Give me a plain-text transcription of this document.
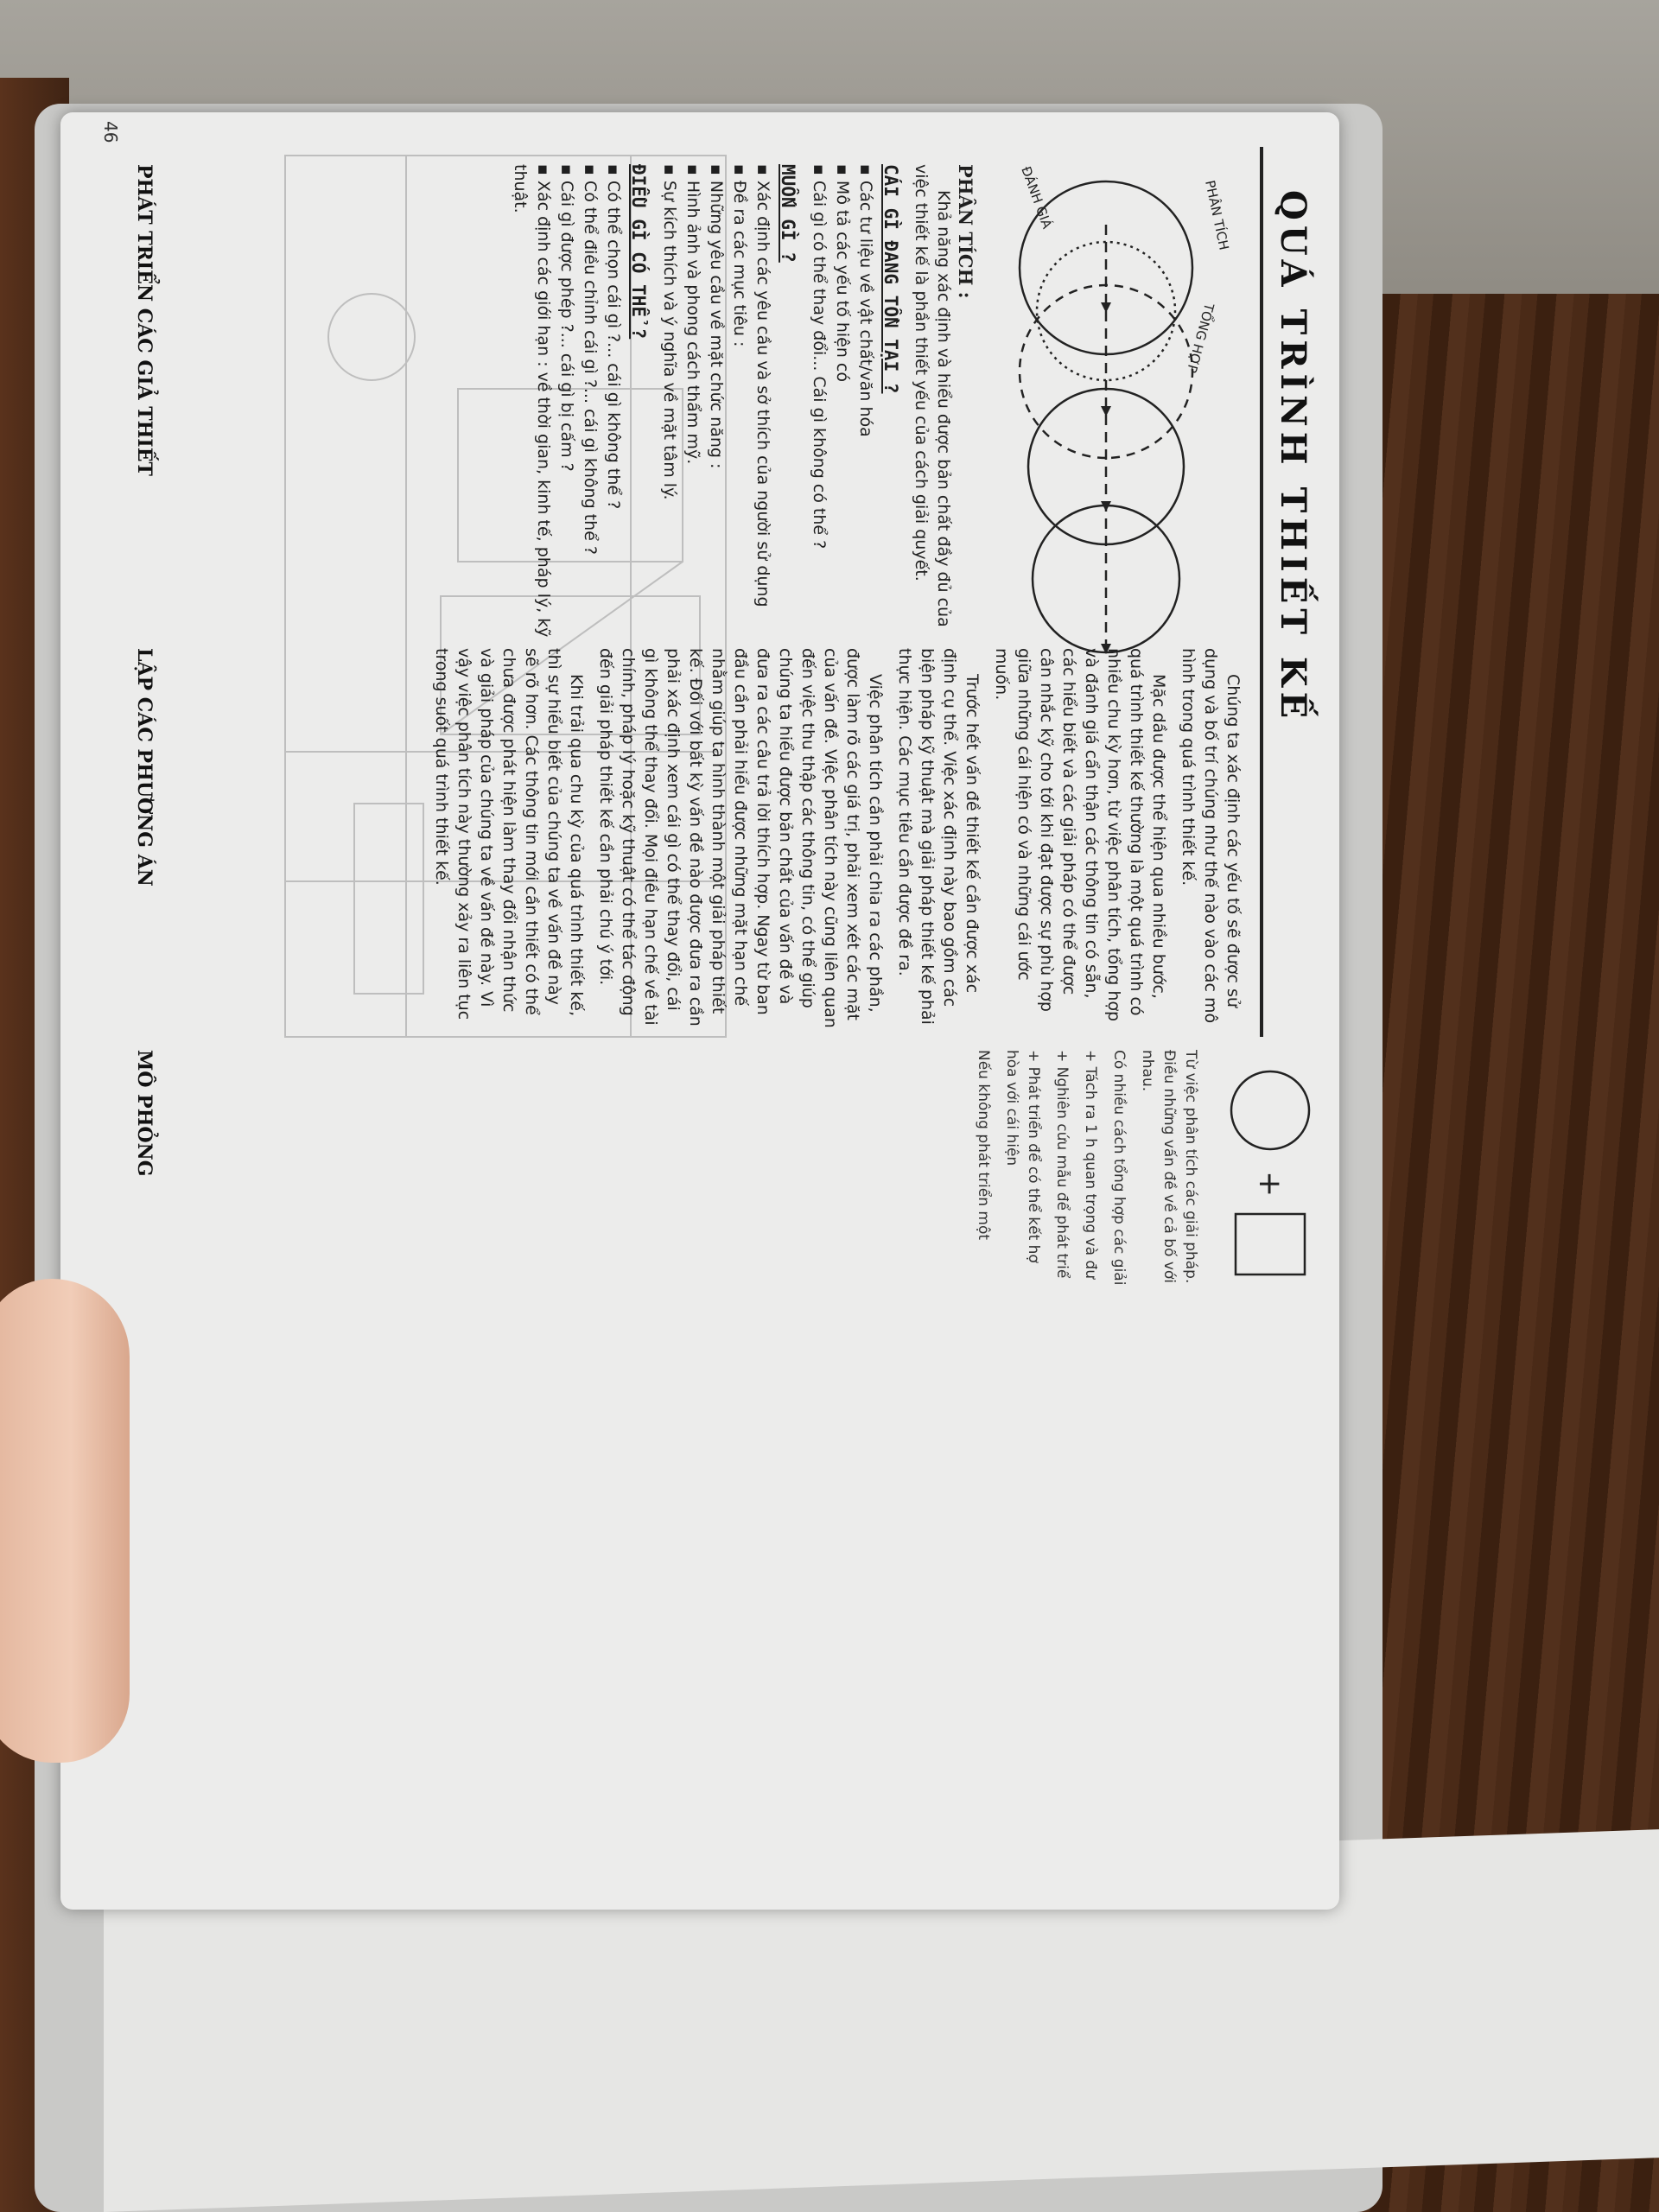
QUÁ TRÌNH THIẾT KẾ
PHÂN TÍCH
ĐÁNH GIÁ
TỔNG HỢP

Chúng ta xác định các yếu tố sẽ được sử dụng và bố trí chúng như thế nào vào các mô hình trong quá trình thiết kế.

Mặc dầu được thể hiện qua nhiều bước, quá trình thiết kế thường là một quá trình có nhiều chu kỳ hơn, từ việc phân tích, tổng hợp và đánh giá cẩn thận các thông tin có sẵn, các hiểu biết và các giải pháp có thể được cân nhắc kỹ cho tới khi đạt được sự phù hợp giữa những cái hiện có và những cái ước muốn.

Trước hết vấn đề thiết kế cần được xác định cụ thể. Việc xác định này bao gồm các biện pháp kỹ thuật mà giải pháp thiết kế phải thực hiện. Các mục tiêu cần được đề ra.

Việc phân tích cần phải chia ra các phần, được làm rõ các giá trị, phải xem xét các mặt của vấn đề. Việc phân tích này cũng liên quan đến việc thu thập các thông tin, có thể giúp chúng ta hiểu được bản chất của vấn đề và đưa ra các câu trả lời thích hợp. Ngay từ ban đầu cần phải hiểu được những mặt hạn chế nhằm giúp ta hình thành một giải pháp thiết kế. Đối với bất kỳ vấn đề nào được đưa ra cần phải xác định xem cái gì có thể thay đổi, cái gì không thể thay đổi. Mọi điều hạn chế về tài chính, pháp lý hoặc kỹ thuật có thể tác động đến giải pháp thiết kế cần phải chú ý tới.

Khi trải qua chu kỳ của quá trình thiết kế, thì sự hiểu biết của chúng ta về vấn đề này sẽ rõ hơn. Các thông tin mới cần thiết có thể chưa được phát hiện làm thay đổi nhận thức và giải pháp của chúng ta về vấn đề này. Vì vậy việc phân tích này thường xảy ra liên tục trong suốt quá trình thiết kế.

PHÂN TÍCH :

Khả năng xác định và hiểu được bản chất đầy đủ của việc thiết kế là phần thiết yếu của cách giải quyết.

CÁI GÌ ĐANG TỒN TẠI ?
▪ Các tư liệu về vật chất/văn hóa
▪ Mô tả các yếu tố hiện có
▪ Cái gì có thể thay đổi... Cái gì không có thể ?
MUỐN GÌ ?
▪ Xác định các yêu cầu và sở thích của người sử dụng
▪ Đề ra các mục tiêu :
▪ Những yêu cầu về mặt chức năng :
▪ Hình ảnh và phong cách thẩm mỹ.
▪ Sự kích thích và ý nghĩa về mặt tâm lý.
ĐIỀU GÌ CÓ THỂ ?
▪ Có thể chọn cái gì ?... cái gì không thể ?
▪ Có thể điều chỉnh cái gì ?... cái gì không thể ?
▪ Cái gì được phép ?... cái gì bị cấm ?
▪ Xác định các giới hạn : về thời gian, kinh tế, pháp lý, kỹ thuật.
PHÁT TRIỂN CÁC GIẢ THIẾT
LẬP CÁC PHƯƠNG ÁN
46
+

Từ việc phân tích các giải pháp. Điều những vấn đề về cả bố với nhau.

Có nhiều cách tổng hợp các giải

+ Tách ra 1 h quan trọng và đư

+ Nghiên cứu mẫu để phát triể

+ Phát triển để có thể kết hợ hòa với cái hiện

Nếu không phát triển một

MÔ PHỎNG
